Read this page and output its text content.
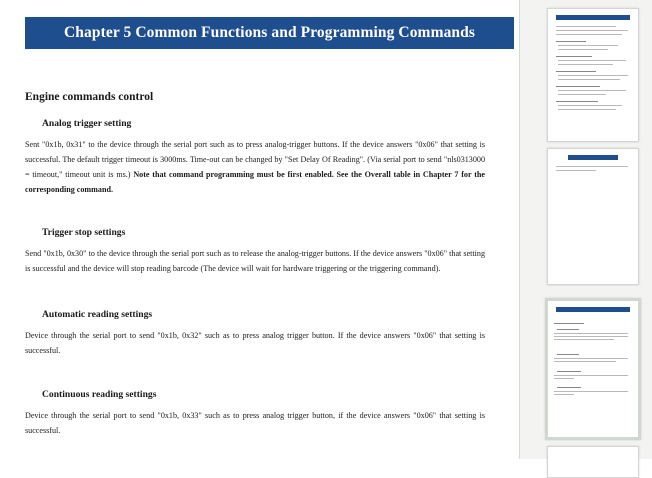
Chapter 5 Common Functions and Programming Commands
Engine commands control
Analog trigger setting
Sent "0x1b, 0x31" to the device through the serial port such as to press analog-trigger buttons. If the device answers "0x06" that setting is successful. The default trigger timeout is 3000ms. Time-out can be changed by "Set Delay Of Reading". (Via serial port to send "nls0313000 = timeout," timeout unit is ms.) Note that command programming must be first enabled. See the Overall table in Chapter 7 for the corresponding command.
Trigger stop settings
Send "0x1b, 0x30" to the device through the serial port such as to release the analog-trigger buttons. If the device answers "0x06" that setting is successful and the device will stop reading barcode (The device will wait for hardware triggering or the triggering command).
Automatic reading settings
Device through the serial port to send "0x1b, 0x32" such as to press analog trigger button. If the device answers "0x06" that setting is successful.
Continuous reading settings
Device through the serial port to send "0x1b, 0x33" such as to press analog trigger button, if the device answers "0x06" that setting is successful.
